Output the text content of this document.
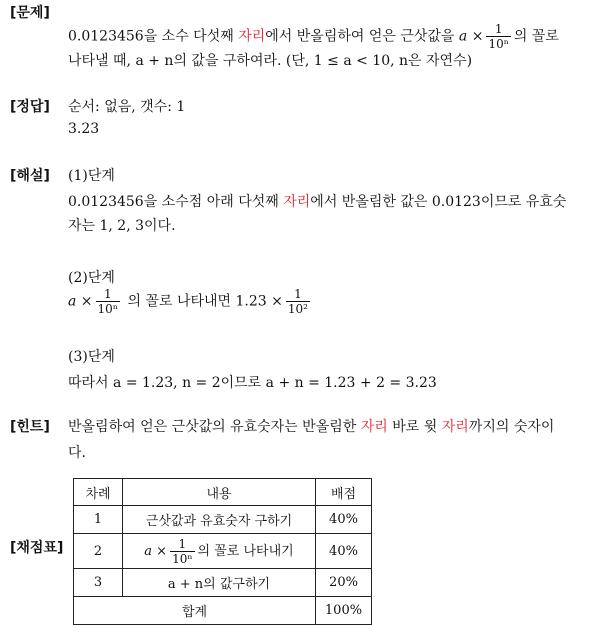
[문제]
0.0123456을 소수 다섯째 자리에서 반올림하여 얻은 근삿값을 $a \times \frac{1}{\text{10ⁿ}}$ 의 꼴로
나타낼 때, a + n의 값을 구하여라. (단, 1 ≤ a < 10, n은 자연수)
[정답] 순서: 없음, 갯수: 1
3.23
[해설] (1)단계
0.0123456을 소수점 아래 다섯째 자리에서 반올림한 값은 0.0123이므로 유효숫
자는 1, 2, 3이다.
(2)단계
$a \times \frac{1}{\text{10ⁿ}}$ 의 꼴로 나타내면 $1.23 \times \frac{1}{\text{10²}}$
(3)단계
따라서 a = 1.23, n = 2이므로 a + n = 1.23 + 2 = 3.23
[힌트] 반올림하여 얻은 근삿값의 유효숫자는 반올림한 자리 바로 윗 자리까지의 숫자이
다.
[채점표]
차례	내용	배점
1	근삿값과 유효숫자 구하기	40%
2	$a \times \frac{1}{\text{10ⁿ}}$ 의 꼴로 나타내기	40%
3	a + n의 값구하기	20%
합계		100%
